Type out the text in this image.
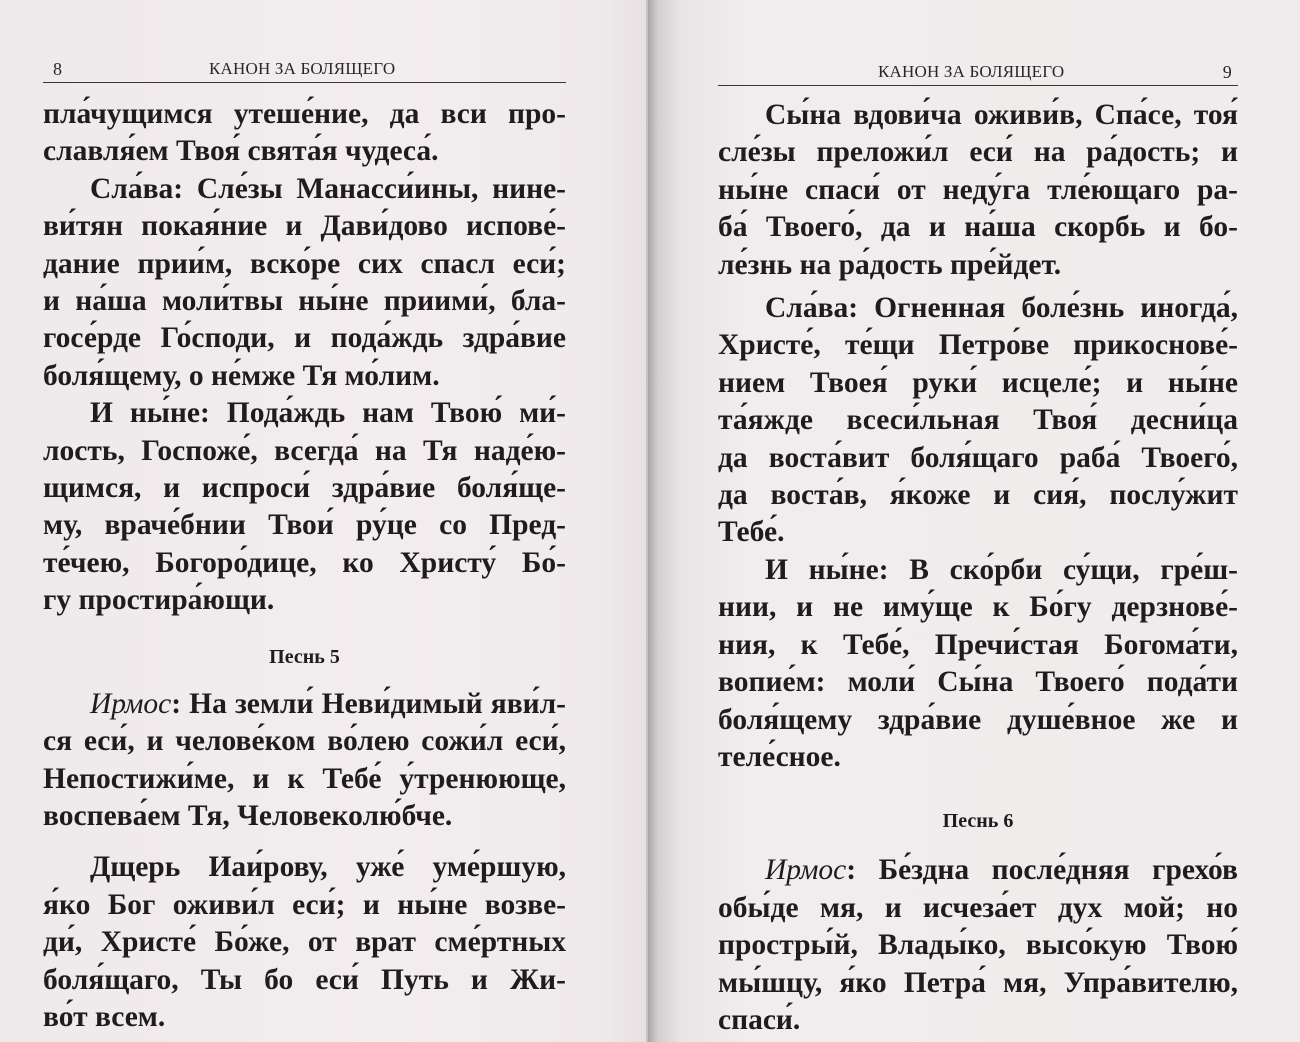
8	КАНОН ЗА БОЛЯЩЕГО
пла́чущимся утеше́ние, да вси про-
славля́ем Твоя́ свята́я чудеса́.
Сла́ва: Сле́зы Манасси́ины, нине-
ви́тян покая́ние и Дави́дово испове́-
дание прии́м, вско́ре сих спасл еси́;
и на́ша моли́твы ны́не приими́, бла-
госе́рде Го́споди, и пода́ждь здра́вие
боля́щему, о не́мже Тя мо́лим.
И ны́не: Пода́ждь нам Твою́ ми́-
лость, Госпоже́, всегда́ на Тя наде́ю-
щимся, и испроси́ здра́вие боля́ще-
му, враче́бнии Твои́ ру́це со Пред-
те́чею, Богоро́дице, ко Христу́ Бо́-
гу простира́ющи.
Песнь 5
Ирмос: На земли́ Неви́димый яви́л-
ся еси́, и челове́ком во́лею сожи́л еси́,
Непостижи́ме, и к Тебе́ у́тренюющe,
воспева́ем Тя, Человеколю́бче.
Дщерь Иаи́рову, уже́ уме́ршую,
я́ко Бог оживи́л еси́; и ны́не возве-
ди́, Христе́ Бо́же, от врат сме́ртных
боля́щаго, Ты бо еси́ Путь и Жи-
во́т всем.
КАНОН ЗА БОЛЯЩЕГО	9
Сы́на вдови́ча оживи́в, Спа́се, тоя́
сле́зы преложи́л еси́ на ра́дость; и
ны́не спаси́ от неду́га тле́ющаго ра-
ба́ Твоего́, да и на́ша скорбь и бо-
ле́знь на ра́дость пре́йдет.
Сла́ва: Огненная боле́знь иногда́,
Христе́, те́щи Петро́ве прикоснове́-
нием Твоея́ руки́ исцеле́; и ны́не
та́яжде всеси́льная Твоя́ десни́ца
да воста́вит боля́щаго раба́ Твоего́,
да воста́в, я́коже и сия́, послу́жит
Тебе́.
И ны́не: В ско́рби су́щи, гре́ш-
нии, и не иму́ще к Бо́гу дерзнове́-
ния, к Тебе́, Пречи́стая Богома́ти,
вопие́м: моли́ Сы́на Твоего́ пода́ти
боля́щему здра́вие душе́вное же и
теле́сное.
Песнь 6
Ирмос: Бе́здна после́дняя грехо́в
обы́де мя, и исчеза́ет дух мой; но
простры́й, Влады́ко, высо́кую Твою́
мы́шцу, я́ко Петра́ мя, Упра́вителю,
спаси́.
